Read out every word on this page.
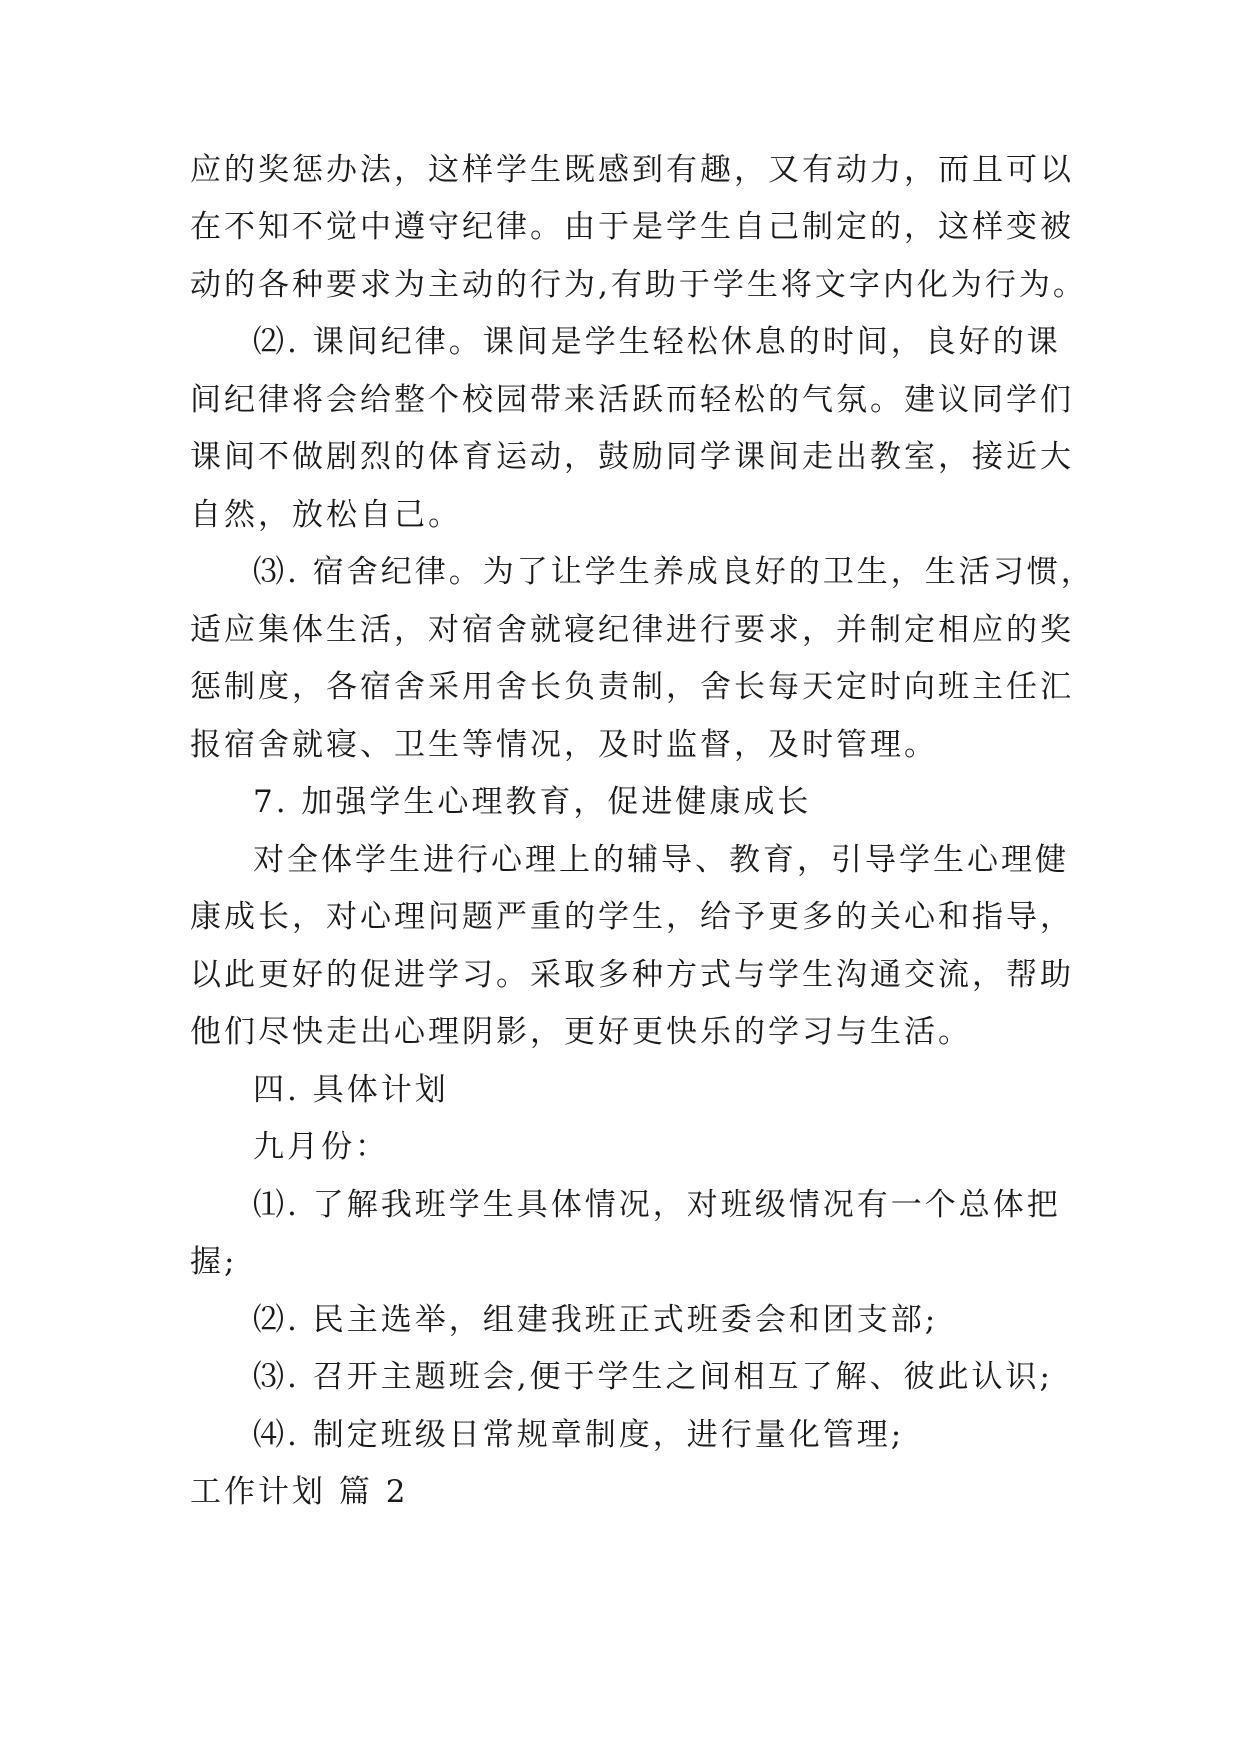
应的奖惩办法，这样学生既感到有趣，又有动力，而且可以
在不知不觉中遵守纪律。由于是学生自己制定的，这样变被
动的各种要求为主动的行为,有助于学生将文字内化为行为。
⑵. 课间纪律。课间是学生轻松休息的时间，良好的课
间纪律将会给整个校园带来活跃而轻松的气氛。建议同学们
课间不做剧烈的体育运动，鼓励同学课间走出教室，接近大
自然，放松自己。
⑶. 宿舍纪律。为了让学生养成良好的卫生，生活习惯，
适应集体生活，对宿舍就寝纪律进行要求，并制定相应的奖
惩制度，各宿舍采用舍长负责制，舍长每天定时向班主任汇
报宿舍就寝、卫生等情况，及时监督，及时管理。
7. 加强学生心理教育，促进健康成长
对全体学生进行心理上的辅导、教育，引导学生心理健
康成长，对心理问题严重的学生，给予更多的关心和指导，
以此更好的促进学习。采取多种方式与学生沟通交流，帮助
他们尽快走出心理阴影，更好更快乐的学习与生活。
四. 具体计划
九月份：
⑴. 了解我班学生具体情况，对班级情况有一个总体把
握;
⑵. 民主选举，组建我班正式班委会和团支部;
⑶. 召开主题班会,便于学生之间相互了解、彼此认识;
⑷. 制定班级日常规章制度，进行量化管理;
工作计划 篇 2
